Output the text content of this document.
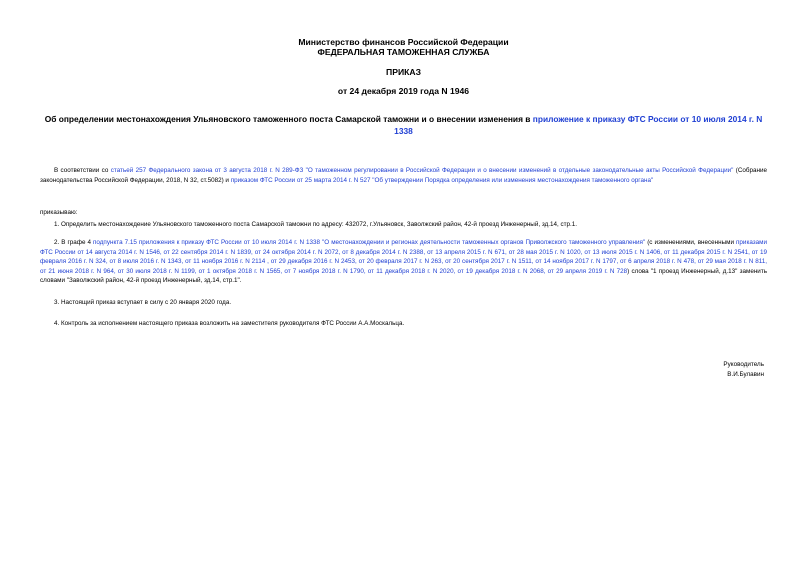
Министерство финансов Российской Федерации
ФЕДЕРАЛЬНАЯ ТАМОЖЕННАЯ СЛУЖБА
ПРИКАЗ
от 24 декабря 2019 года N 1946
Об определении местонахождения Ульяновского таможенного поста Самарской таможни и о внесении изменения в приложение к приказу ФТС России от 10 июля 2014 г. N 1338
В соответствии со статьей 257 Федерального закона от 3 августа 2018 г. N 289-ФЗ "О таможенном регулировании в Российской Федерации и о внесении изменений в отдельные законодательные акты Российской Федерации" (Собрание законодательства Российской Федерации, 2018, N 32, ст.5082) и приказом ФТС России от 25 марта 2014 г. N 527 "Об утверждении Порядка определения или изменения местонахождения таможенного органа"
приказываю:
1. Определить местонахождение Ульяновского таможенного поста Самарской таможни по адресу: 432072, г.Ульяновск, Заволжский район, 42-й проезд Инженерный, зд.14, стр.1.
2. В графе 4 подпункта 7.15 приложения к приказу ФТС России от 10 июля 2014 г. N 1338 "О местонахождении и регионах деятельности таможенных органов Приволжского таможенного управления" (с изменениями, внесенными приказами ФТС России от 14 августа 2014 г. N 1546, от 22 сентября 2014 г. N 1839, от 24 октября 2014 г. N 2072, от 8 декабря 2014 г. N 2388, от 13 апреля 2015 г. N 671, от 28 мая 2015 г. N 1020, от 13 июля 2015 г. N 1406, от 11 декабря 2015 г. N 2541, от 19 февраля 2016 г. N 324, от 8 июля 2016 г. N 1343, от 11 ноября 2016 г. N 2114 , от 29 декабря 2016 г. N 2453, от 20 февраля 2017 г. N 263, от 20 сентября 2017 г. N 1511, от 14 ноября 2017 г. N 1797, от 6 апреля 2018 г. N 478, от 29 мая 2018 г. N 811, от 21 июня 2018 г. N 964, от 30 июля 2018 г. N 1199, от 1 октября 2018 г. N 1565, от 7 ноября 2018 г. N 1790, от 11 декабря 2018 г. N 2020, от 19 декабря 2018 г. N 2068, от 29 апреля 2019 г. N 728) слова "1 проезд Инженерный, д.13" заменить словами "Заволжский район, 42-й проезд Инженерный, зд.14, стр.1".
3. Настоящий приказ вступает в силу с 20 января 2020 года.
4. Контроль за исполнением настоящего приказа возложить на заместителя руководителя ФТС России А.А.Москальца.
Руководитель
В.И.Булавин
